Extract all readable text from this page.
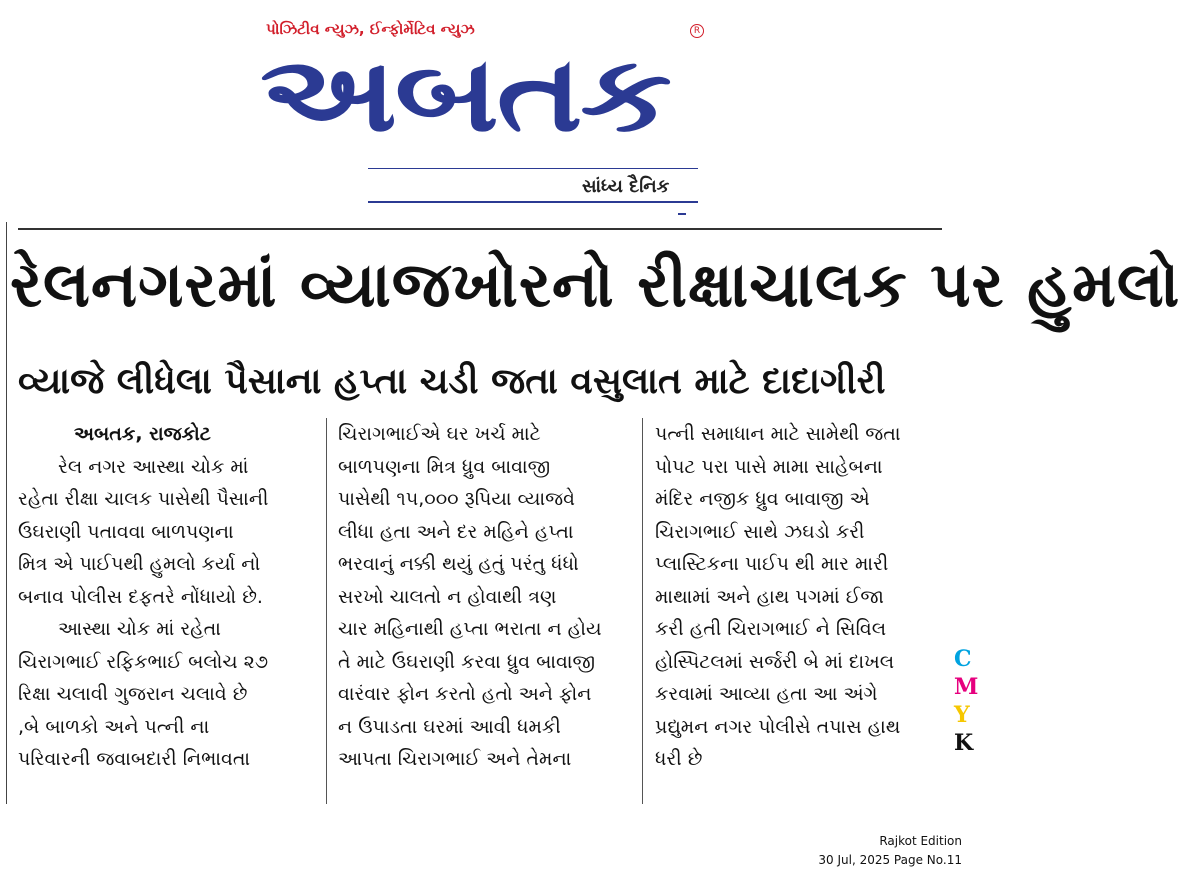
પોઝિટીવ ન્યુઝ, ઈન્ફોર્મેટિવ ન્યુઝ	R
અબતક
સાંધ્ય દૈનિક
રેલનગરમાં વ્યાજખોરનો રીક્ષાચાલક પર હુમલો
વ્યાજે લીધેલા પૈસાના હપ્તા ચડી જતા વસુલાત માટે દાદાગીરી
અબતક, રાજકોટ
રેલ નગર આસ્થા ચોક માં
રહેતા રીક્ષા ચાલક પાસેથી પૈસાની
ઉઘરાણી પતાવવા બાળપણના
મિત્ર એ પાઈપથી હુમલો કર્યા નો
બનાવ પોલીસ દફતરે નોંધાયો છે.
આસ્થા ચોક માં રહેતા
ચિરાગભાઈ રફિકભાઈ બલોચ ૨૭
રિક્ષા ચલાવી ગુજરાન ચલાવે છે
,બે બાળકો અને પત્ની ના
પરિવારની જવાબદારી નિભાવતા
ચિરાગભાઈએ ઘર ખર્ચ માટે
બાળપણના મિત્ર ધ્રુવ બાવાજી
પાસેથી ૧૫,૦૦૦ રૂપિયા વ્યાજવે
લીધા હતા અને દર મહિને હપ્તા
ભરવાનું નક્કી થયું હતું પરંતુ ધંધો
સરખો ચાલતો ન હોવાથી ત્રણ
ચાર મહિનાથી હપ્તા ભરાતા ન હોય
તે માટે ઉઘરાણી કરવા ધ્રુવ બાવાજી
વારંવાર ફોન કરતો હતો અને ફોન
ન ઉપાડતા ઘરમાં આવી ધમકી
આપતા ચિરાગભાઈ અને તેમના
પત્ની સમાધાન માટે સામેથી જતા
પોપટ પરા પાસે મામા સાહેબના
મંદિર નજીક ધ્રુવ બાવાજી એ
ચિરાગભાઈ સાથે ઝઘડો કરી
પ્લાસ્ટિકના પાઈપ થી માર મારી
માથામાં અને હાથ પગમાં ઈજા
કરી હતી ચિરાગભાઈ ને સિવિલ
હોસ્પિટલમાં સર્જરી બે માં દાખલ
કરવામાં આવ્યા હતા આ અંગે
પ્રદ્યુમન નગર પોલીસે તપાસ હાથ
ધરી છે
C
M
Y
K
Rajkot Edition
30 Jul, 2025 Page No.11
